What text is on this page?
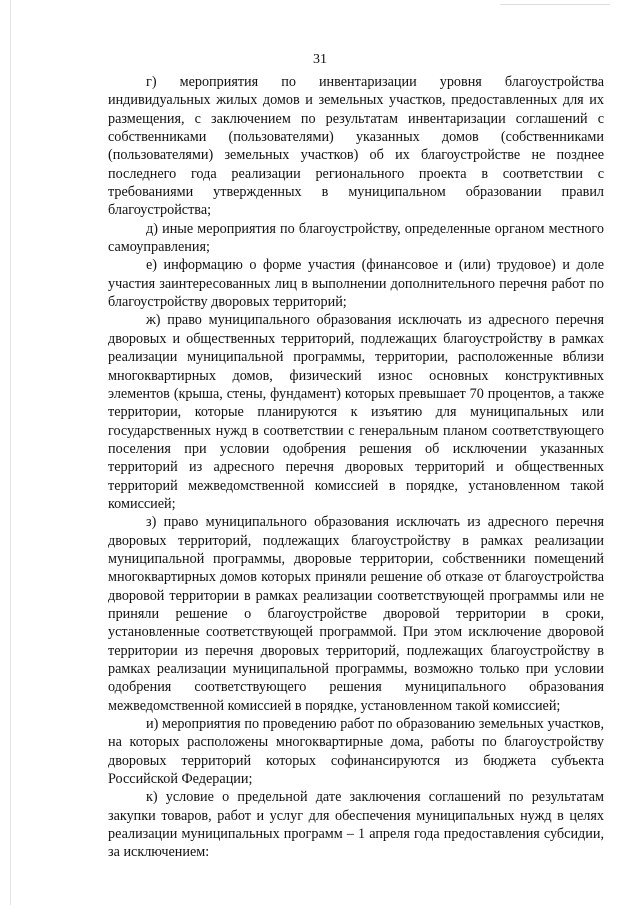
31

г) мероприятия по инвентаризации уровня благоустройства индивидуальных жилых домов и земельных участков, предоставленных для их размещения, с заключением по результатам инвентаризации соглашений с собственниками (пользователями) указанных домов (собственниками (пользователями) земельных участков) об их благоустройстве не позднее последнего года реализации регионального проекта в соответствии с требованиями утвержденных в муниципальном образовании правил благоустройства;

д) иные мероприятия по благоустройству, определенные органом местного самоуправления;

е) информацию о форме участия (финансовое и (или) трудовое) и доле участия заинтересованных лиц в выполнении дополнительного перечня работ по благоустройству дворовых территорий;

ж) право муниципального образования исключать из адресного перечня дворовых и общественных территорий, подлежащих благоустройству в рамках реализации муниципальной программы, территории, расположенные вблизи многоквартирных домов, физический износ основных конструктивных элементов (крыша, стены, фундамент) которых превышает 70 процентов, а также территории, которые планируются к изъятию для муниципальных или государственных нужд в соответствии с генеральным планом соответствующего поселения при условии одобрения решения об исключении указанных территорий из адресного перечня дворовых территорий и общественных территорий межведомственной комиссией в порядке, установленном такой комиссией;

з) право муниципального образования исключать из адресного перечня дворовых территорий, подлежащих благоустройству в рамках реализации муниципальной программы, дворовые территории, собственники помещений многоквартирных домов которых приняли решение об отказе от благоустройства дворовой территории в рамках реализации соответствующей программы или не приняли решение о благоустройстве дворовой территории в сроки, установленные соответствующей программой. При этом исключение дворовой территории из перечня дворовых территорий, подлежащих благоустройству в рамках реализации муниципальной программы, возможно только при условии одобрения соответствующего решения муниципального образования межведомственной комиссией в порядке, установленном такой комиссией;

и) мероприятия по проведению работ по образованию земельных участков, на которых расположены многоквартирные дома, работы по благоустройству дворовых территорий которых софинансируются из бюджета субъекта Российской Федерации;

к) условие о предельной дате заключения соглашений по результатам закупки товаров, работ и услуг для обеспечения муниципальных нужд в целях реализации муниципальных программ – 1 апреля года предоставления субсидии, за исключением:
